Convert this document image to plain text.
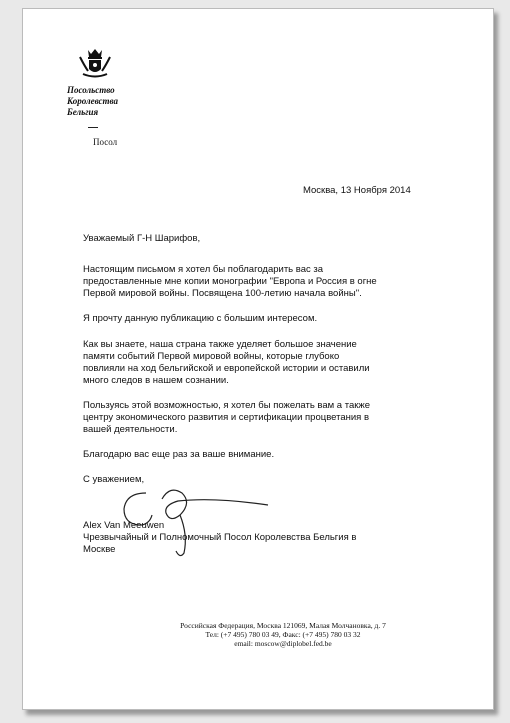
Посольство
Королевства
Бельгия
Посол
Москва, 13 Ноября 2014
Уважаемый Г-Н Шарифов,
Настоящим письмом я хотел бы поблагодарить вас за
предоставленные мне копии монографии "Европа и Россия в огне
Первой мировой войны. Посвящена 100-летию начала войны".
Я прочту данную публикацию с большим интересом.
Как вы знаете, наша страна также уделяет большое значение
памяти событий Первой мировой войны, которые глубоко
повлияли на ход бельгийской и европейской истории и оставили
много следов в нашем сознании.
Пользуясь этой возможностью, я хотел бы пожелать вам а также
центру экономического развития и сертификации процветания в
вашей деятельности.
Благодарю вас еще раз за ваше внимание.
С уважением,
Alex Van Meeuwen
Чрезвычайный и Полномочный Посол Королевства Бельгия в
Москве
Российская Федерация, Москва 121069, Малая Молчановка, д. 7
Тел: (+7 495) 780 03 49, Факс: (+7 495) 780 03 32
email: moscow@diplobel.fed.be
